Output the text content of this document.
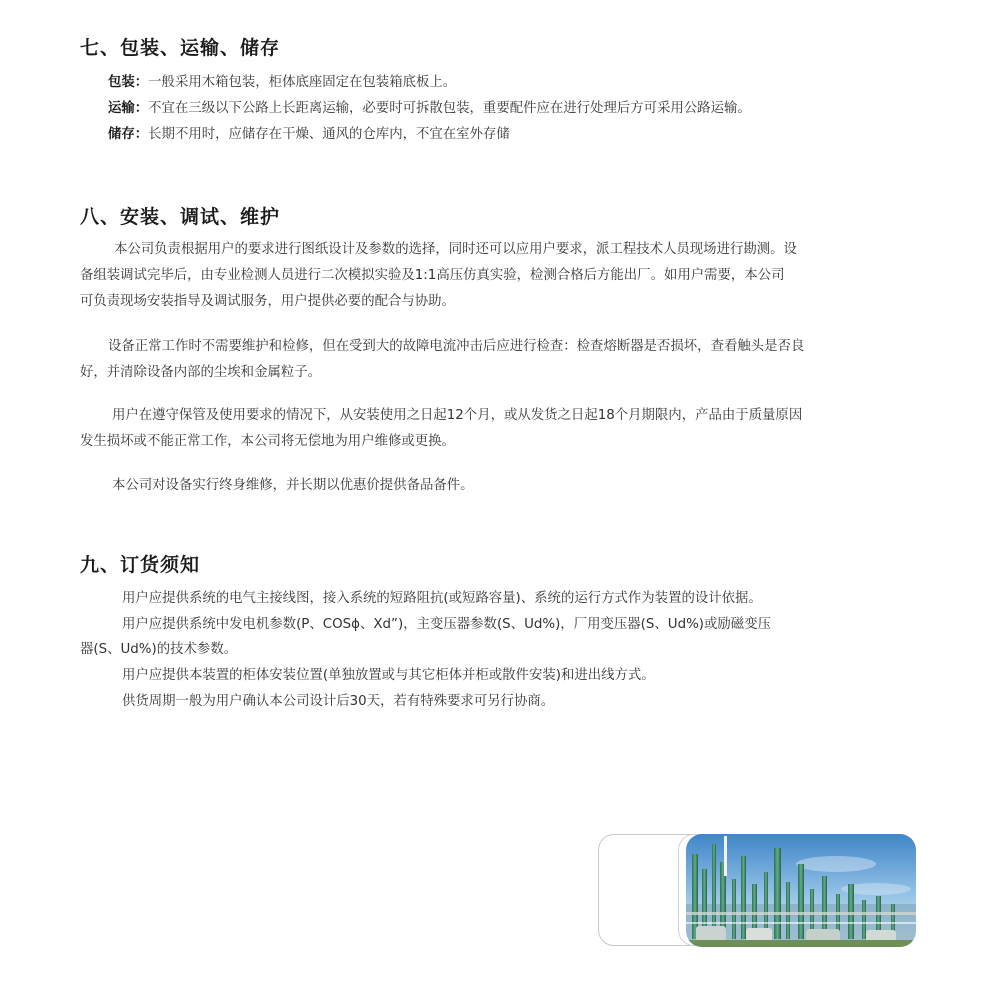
七、包装、运输、储存
包装：一般采用木箱包装，柜体底座固定在包装箱底板上。
运输：不宜在三级以下公路上长距离运输，必要时可拆散包装，重要配件应在进行处理后方可采用公路运输。
储存：长期不用时，应储存在干燥、通风的仓库内，不宜在室外存储
八、安装、调试、维护
本公司负责根据用户的要求进行图纸设计及参数的选择，同时还可以应用户要求，派工程技术人员现场进行勘测。设
备组装调试完毕后，由专业检测人员进行二次模拟实验及1:1高压仿真实验，检测合格后方能出厂。如用户需要，本公司
可负责现场安装指导及调试服务，用户提供必要的配合与协助。
设备正常工作时不需要维护和检修，但在受到大的故障电流冲击后应进行检查：检查熔断器是否损坏，查看触头是否良
好，并清除设备内部的尘埃和金属粒子。
用户在遵守保管及使用要求的情况下，从安装使用之日起12个月，或从发货之日起18个月期限内，产品由于质量原因
发生损坏或不能正常工作，本公司将无偿地为用户维修或更换。
本公司对设备实行终身维修，并长期以优惠价提供备品备件。
九、订货须知
用户应提供系统的电气主接线图，接入系统的短路阻抗(或短路容量)、系统的运行方式作为装置的设计依据。
用户应提供系统中发电机参数(P、COSϕ、Xd”)，主变压器参数(S、Ud%)，厂用变压器(S、Ud%)或励磁变压
器(S、Ud%)的技术参数。
用户应提供本装置的柜体安装位置(单独放置或与其它柜体并柜或散件安装)和进出线方式。
供货周期一般为用户确认本公司设计后30天，若有特殊要求可另行协商。
